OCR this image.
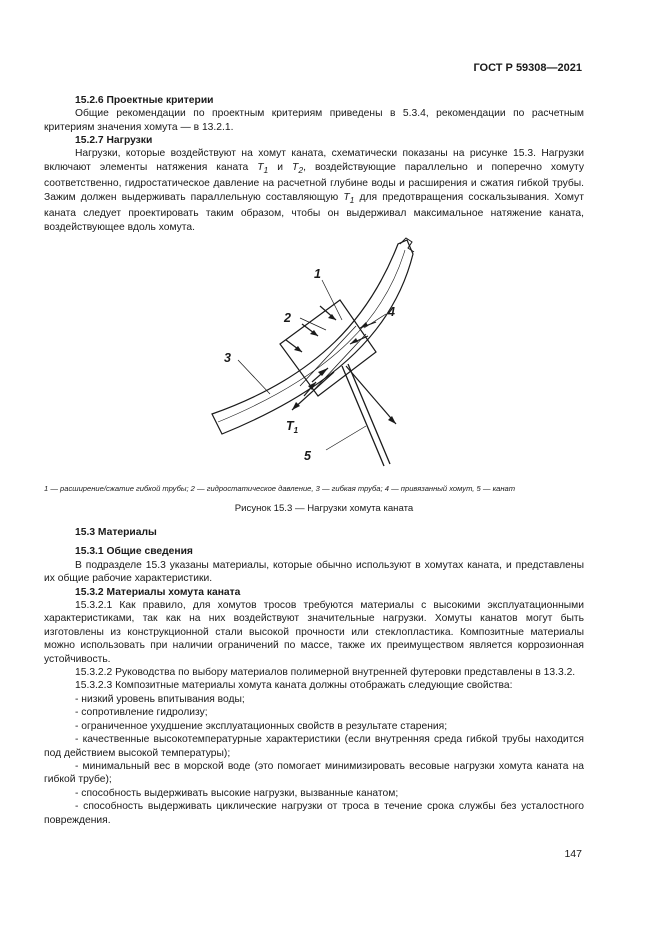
ГОСТ Р 59308—2021

15.2.6 Проектные критерии

Общие рекомендации по проектным критериям приведены в 5.3.4, рекомендации по расчетным критериям значения хомута — в 13.2.1.

15.2.7 Нагрузки

Нагрузки, которые воздействуют на хомут каната, схематически показаны на рисунке 15.3. Нагрузки включают элементы натяжения каната $T_1$ и $T_2$, воздействующие параллельно и поперечно хомуту соответственно, гидростатическое давление на расчетной глубине воды и расширения и сжатия гибкой трубы. Зажим должен выдерживать параллельную составляющую $T_1$ для предотвращения соскальзывания. Хомут каната следует проектировать таким образом, чтобы он выдерживал максимальное натяжение каната, воздействующее вдоль хомута.

1
2
3
4
5
$T_1$
1 — расширение/сжатие гибкой трубы; 2 — гидростатическое давление, 3 — гибкая труба; 4 — привязанный хомут, 5 — канат
Рисунок 15.3 — Нагрузки хомута каната

15.3 Материалы

15.3.1 Общие сведения

В подразделе 15.3 указаны материалы, которые обычно используют в хомутах каната, и представлены их общие рабочие характеристики.

15.3.2 Материалы хомута каната

15.3.2.1 Как правило, для хомутов тросов требуются материалы с высокими эксплуатационными характеристиками, так как на них воздействуют значительные нагрузки. Хомуты канатов могут быть изготовлены из конструкционной стали высокой прочности или стеклопластика. Композитные материалы можно использовать при наличии ограничений по массе, также их преимуществом является коррозионная устойчивость.

15.3.2.2 Руководства по выбору материалов полимерной внутренней футеровки представлены в 13.3.2.

15.3.2.3 Композитные материалы хомута каната должны отображать следующие свойства:

- низкий уровень впитывания воды;

- сопротивление гидролизу;

- ограниченное ухудшение эксплуатационных свойств в результате старения;

- качественные высокотемпературные характеристики (если внутренняя среда гибкой трубы находится под действием высокой температуры);

- минимальный вес в морской воде (это помогает минимизировать весовые нагрузки хомута каната на гибкой трубе);

- способность выдерживать высокие нагрузки, вызванные канатом;

- способность выдерживать циклические нагрузки от троса в течение срока службы без усталостного повреждения.

147
